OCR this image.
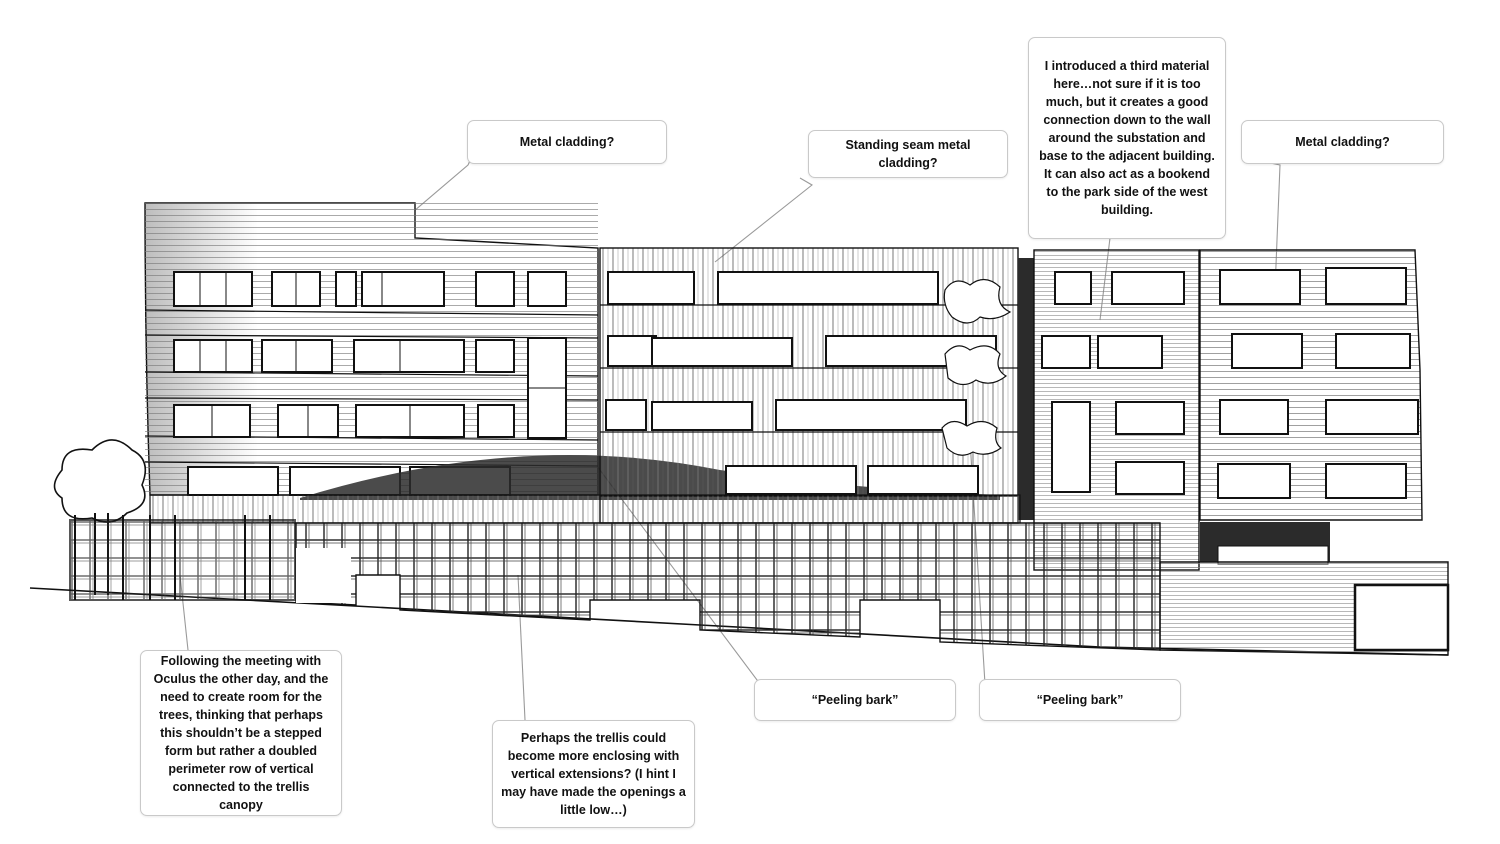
Metal cladding?	Standing seam metal cladding?
I introduced a third material here…not sure if it is too much, but it creates a good connection down to the wall around the substation and base to the adjacent building. It can also act as a bookend to the park side of the west building.
Metal cladding?
Following the meeting with Oculus the other day, and the need to create room for the trees, thinking that perhaps this shouldn’t be a stepped form but rather a doubled perimeter row of vertical connected to the trellis canopy
Perhaps the trellis could become more enclosing with vertical extensions? (I hint I may have made the openings a little low…)
“Peeling bark”	“Peeling bark”
